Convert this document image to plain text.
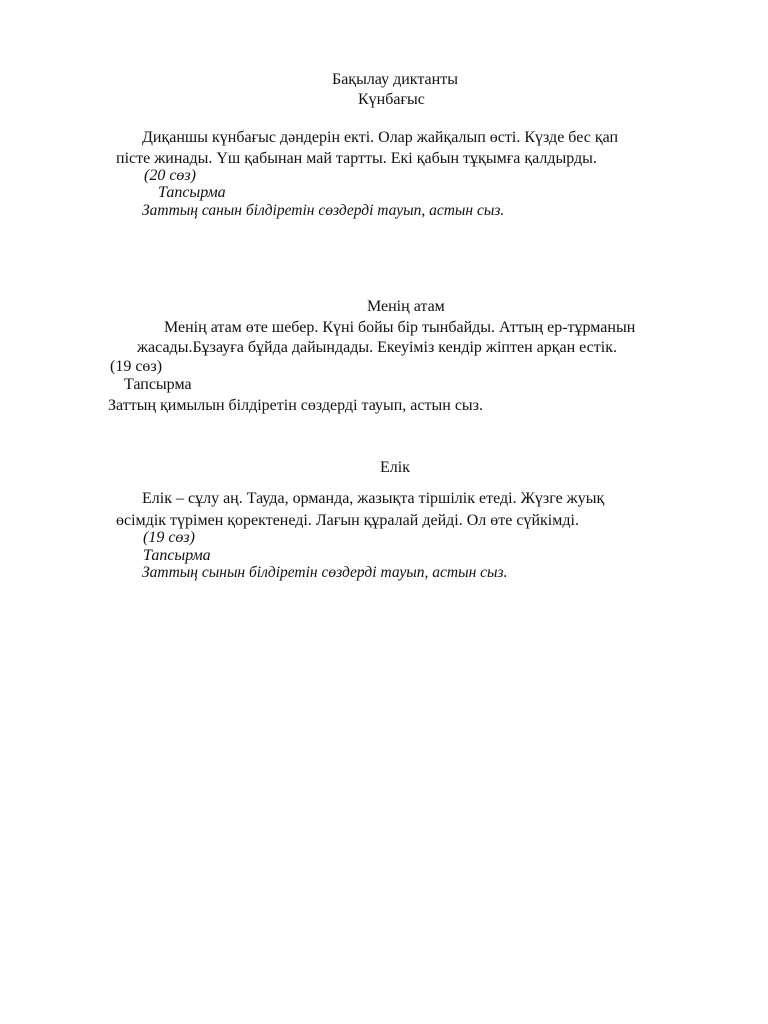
Бақылау диктанты
Күнбағыс
Диқаншы күнбағыс дәндерін екті. Олар жайқалып өсті. Күзде бес қап
пісте жинады. Үш қабынан май тартты. Екі қабын тұқымға қалдырды.
(20 сөз)
Тапсырма
Заттың санын білдіретін сөздерді тауып, астын сыз.
Менің атам
Менің атам өте шебер. Күні бойы бір тынбайды. Аттың ер-тұрманын
жасады.Бұзауға бұйда дайындады. Екеуіміз кендір жіптен арқан естік.
(19 сөз)
Тапсырма
Заттың қимылын білдіретін сөздерді тауып, астын сыз.
Елік
Елік – сұлу аң. Тауда, орманда, жазықта тіршілік етеді. Жүзге жуық
өсімдік түрімен қоректенеді. Лағын құралай дейді. Ол өте сүйкімді.
(19 сөз)
Тапсырма
Заттың сынын білдіретін сөздерді тауып, астын сыз.
